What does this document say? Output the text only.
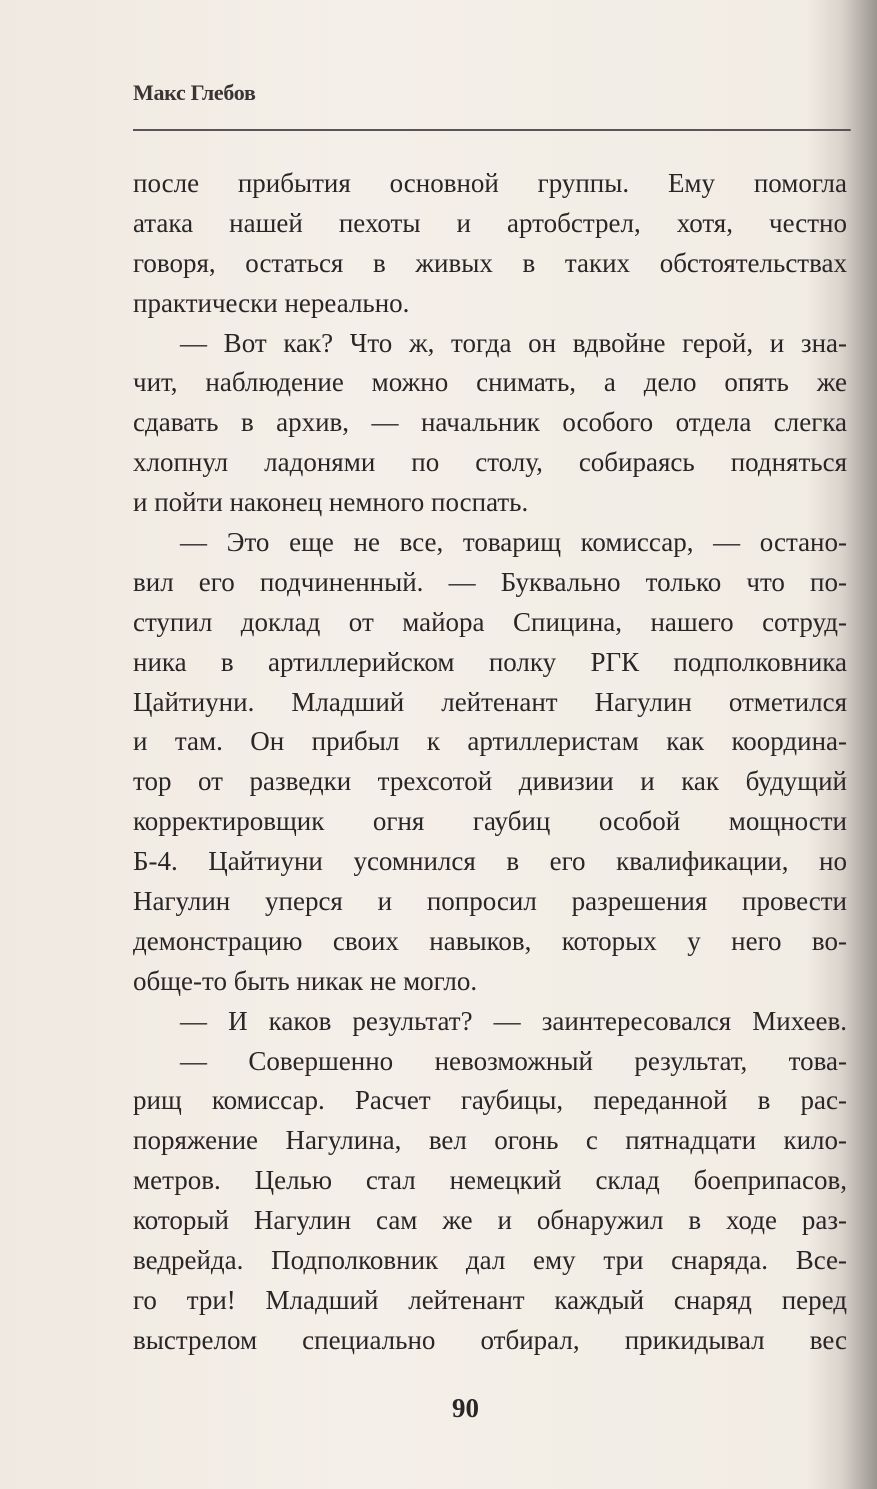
Макс Глебов
после прибытия основной группы. Ему помогла
атака нашей пехоты и артобстрел, хотя, честно
говоря, остаться в живых в таких обстоятельствах
практически нереально.
— Вот как? Что ж, тогда он вдвойне герой, и зна-
чит, наблюдение можно снимать, а дело опять же
сдавать в архив, — начальник особого отдела слегка
хлопнул ладонями по столу, собираясь подняться
и пойти наконец немного поспать.
— Это еще не все, товарищ комиссар, — остано-
вил его подчиненный. — Буквально только что по-
ступил доклад от майора Спицина, нашего сотруд-
ника в артиллерийском полку РГК подполковника
Цайтиуни. Младший лейтенант Нагулин отметился
и там. Он прибыл к артиллеристам как координа-
тор от разведки трехсотой дивизии и как будущий
корректировщик огня гаубиц особой мощности
Б-4. Цайтиуни усомнился в его квалификации, но
Нагулин уперся и попросил разрешения провести
демонстрацию своих навыков, которых у него во-
обще-то быть никак не могло.
— И каков результат? — заинтересовался Михеев.
— Совершенно невозможный результат, това-
рищ комиссар. Расчет гаубицы, переданной в рас-
поряжение Нагулина, вел огонь с пятнадцати кило-
метров. Целью стал немецкий склад боеприпасов,
который Нагулин сам же и обнаружил в ходе раз-
ведрейда. Подполковник дал ему три снаряда. Все-
го три! Младший лейтенант каждый снаряд перед
выстрелом специально отбирал, прикидывал вес
90
